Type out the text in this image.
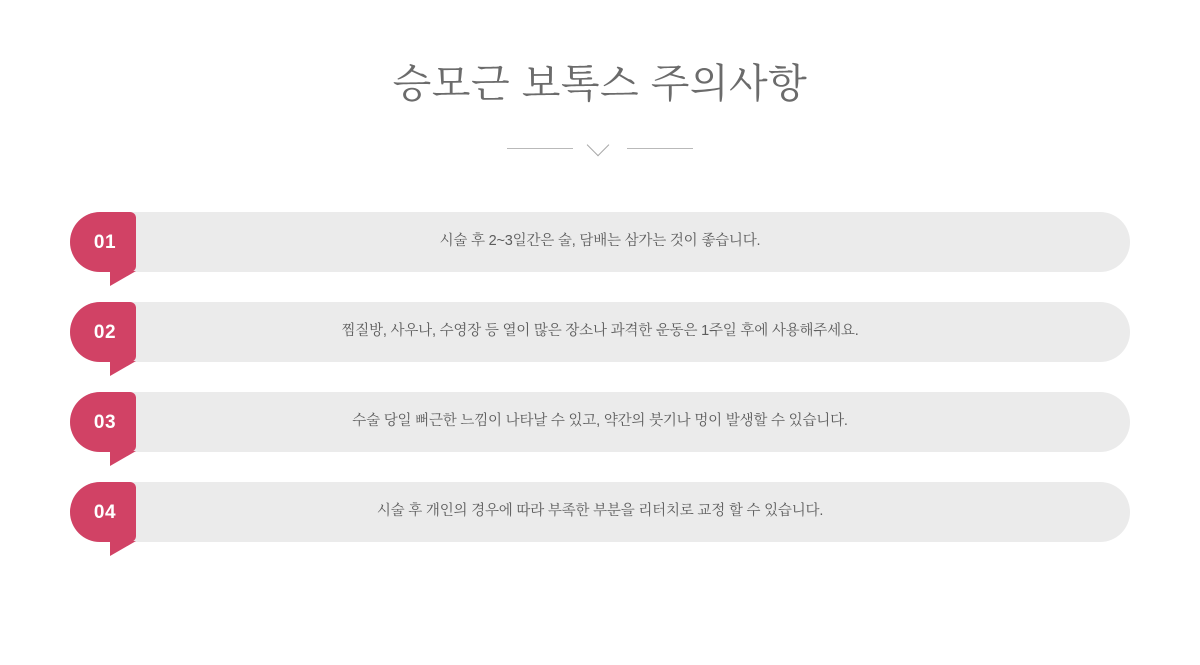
승모근 보톡스 주의사항
시술 후 2~3일간은 술, 담배는 삼가는 것이 좋습니다.
01
찜질방, 사우나, 수영장 등 열이 많은 장소나 과격한 운동은 1주일 후에 사용해주세요.
02
수술 당일 뻐근한 느낌이 나타날 수 있고, 약간의 붓기나 멍이 발생할 수 있습니다.
03
시술 후 개인의 경우에 따라 부족한 부분을 리터치로 교정 할 수 있습니다.
04
